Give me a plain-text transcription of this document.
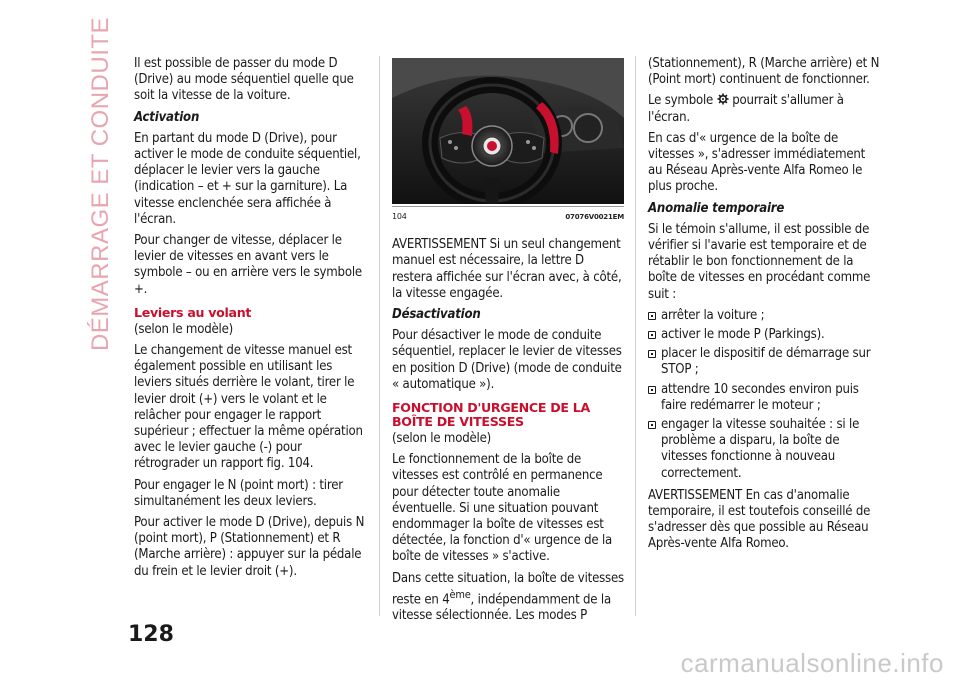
DÉMARRAGE ET CONDUITE Il est possible de passer du mode D (Drive) au mode séquentiel quelle que soit la vitesse de la voiture.

Activation

En partant du mode D (Drive), pour activer le mode de conduite séquentiel, déplacer le levier vers la gauche (indication – et + sur la garniture). La vitesse enclenchée sera affichée à l'écran.

Pour changer de vitesse, déplacer le levier de vitesses en avant vers le symbole – ou en arrière vers le symbole +.

Leviers au volant

(selon le modèle)

Le changement de vitesse manuel est également possible en utilisant les leviers situés derrière le volant, tirer le levier droit (+) vers le volant et le relâcher pour engager le rapport supérieur ; effectuer la même opération avec le levier gauche (-) pour rétrograder un rapport fig. 104.

Pour engager le N (point mort) : tirer simultanément les deux leviers.

Pour activer le mode D (Drive), depuis N (point mort), P (Stationnement) et R (Marche arrière) : appuyer sur la pédale du frein et le levier droit (+).

104	07076V0021EM

AVERTISSEMENT Si un seul changement manuel est nécessaire, la lettre D restera affichée sur l'écran avec, à côté, la vitesse engagée.

Désactivation

Pour désactiver le mode de conduite séquentiel, replacer le levier de vitesses en position D (Drive) (mode de conduite « automatique »).

FONCTION D'URGENCE DE LA BOÎTE DE VITESSES

(selon le modèle)

Le fonctionnement de la boîte de vitesses est contrôlé en permanence pour détecter toute anomalie éventuelle. Si une situation pouvant endommager la boîte de vitesses est détectée, la fonction d'« urgence de la boîte de vitesses » s'active.

Dans cette situation, la boîte de vitesses reste en 4ème, indépendamment de la vitesse sélectionnée. Les modes P

(Stationnement), R (Marche arrière) et N (Point mort) continuent de fonctionner.

Le symbole pourrait s'allumer à l'écran.

En cas d'« urgence de la boîte de vitesses », s'adresser immédiatement au Réseau Après-vente Alfa Romeo le plus proche.

Anomalie temporaire

Si le témoin s'allume, il est possible de vérifier si l'avarie est temporaire et de rétablir le bon fonctionnement de la boîte de vitesses en procédant comme suit :

arrêter la voiture ;
activer le mode P (Parkings).
placer le dispositif de démarrage sur STOP ;
attendre 10 secondes environ puis faire redémarrer le moteur ;
engager la vitesse souhaitée : si le problème a disparu, la boîte de vitesses fonctionne à nouveau correctement.

AVERTISSEMENT En cas d'anomalie temporaire, il est toutefois conseillé de s'adresser dès que possible au Réseau Après-vente Alfa Romeo.

128
carmanualsonline.info
